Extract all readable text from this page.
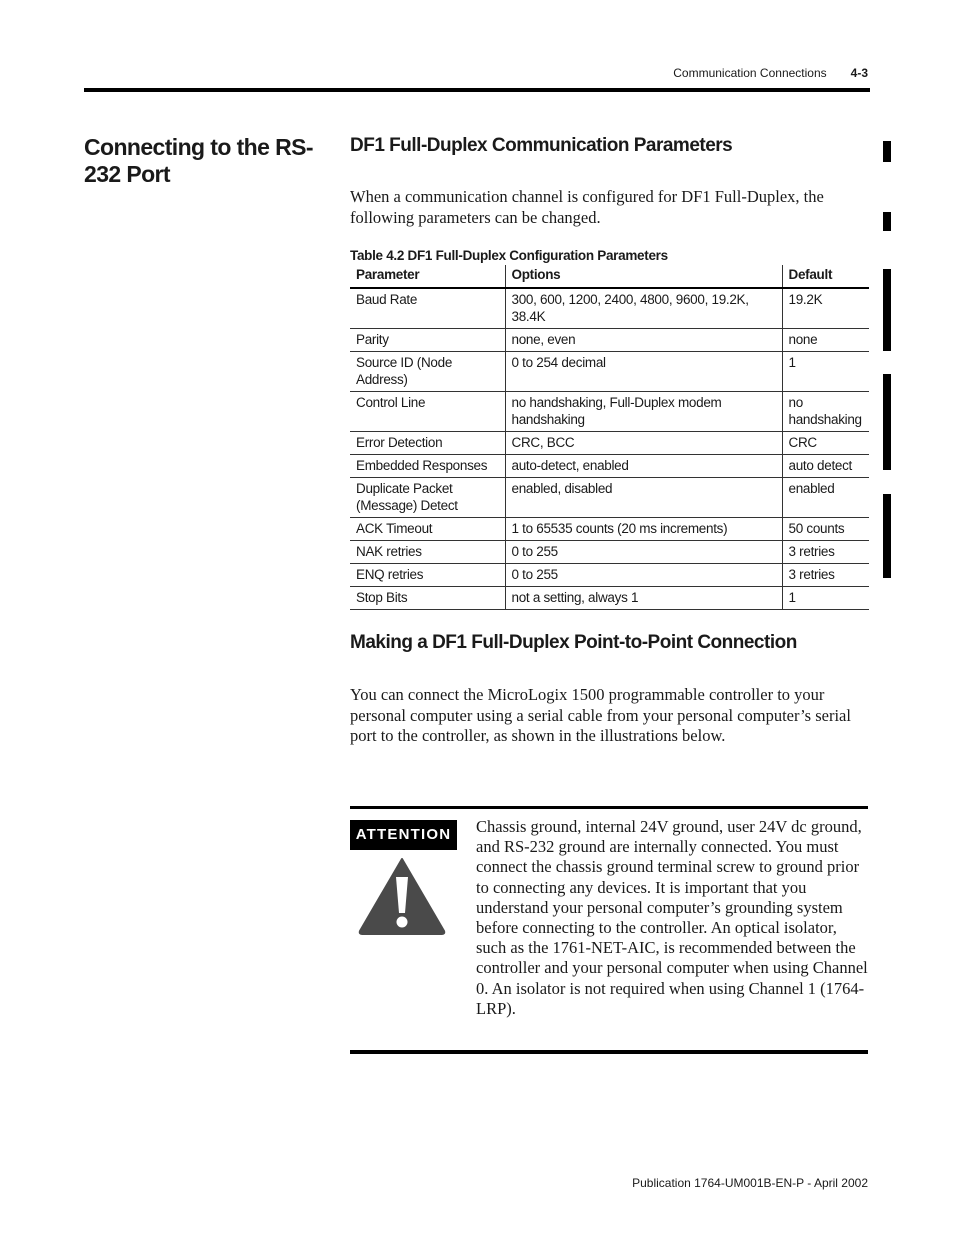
Communication Connections 4-3
Connecting to the RS-232 Port
DF1 Full-Duplex Communication Parameters
When a communication channel is configured for DF1 Full-Duplex, the following parameters can be changed.
Table 4.2 DF1 Full-Duplex Configuration Parameters
Parameter	Options	Default
Baud Rate	300, 600, 1200, 2400, 4800, 9600, 19.2K, 38.4K	19.2K
Parity	none, even	none
Source ID (Node Address)	0 to 254 decimal	1
Control Line	no handshaking, Full-Duplex modem handshaking	no handshaking
Error Detection	CRC, BCC	CRC
Embedded Responses	auto-detect, enabled	auto detect
Duplicate Packet (Message) Detect	enabled, disabled	enabled
ACK Timeout	1 to 65535 counts (20 ms increments)	50 counts
NAK retries	0 to 255	3 retries
ENQ retries	0 to 255	3 retries
Stop Bits	not a setting, always 1	1
Making a DF1 Full-Duplex Point-to-Point Connection
You can connect the MicroLogix 1500 programmable controller to your personal computer using a serial cable from your personal computer’s serial port to the controller, as shown in the illustrations below.
ATTENTION	Chassis ground, internal 24V ground, user 24V dc ground, and RS-232 ground are internally connected. You must connect the chassis ground terminal screw to ground prior to connecting any devices. It is important that you understand your personal computer’s grounding system before connecting to the controller. An optical isolator, such as the 1761-NET-AIC, is recommended between the controller and your personal computer when using Channel 0. An isolator is not required when using Channel 1 (1764-LRP).
Publication 1764-UM001B-EN-P - April 2002
